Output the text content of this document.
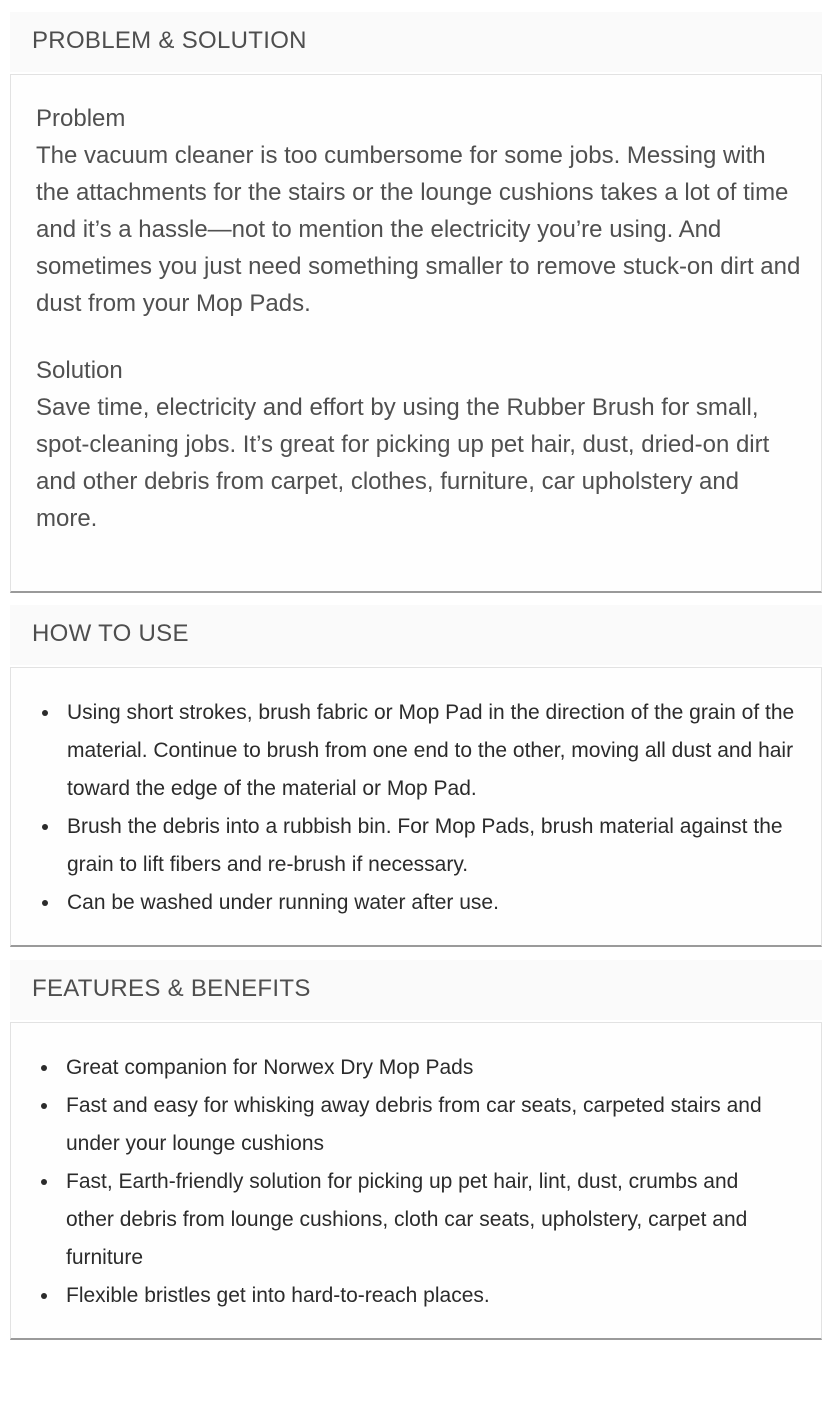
PROBLEM & SOLUTION
Problem
The vacuum cleaner is too cumbersome for some jobs. Messing with the attachments for the stairs or the lounge cushions takes a lot of time and it’s a hassle—not to mention the electricity you’re using. And sometimes you just need something smaller to remove stuck-on dirt and dust from your Mop Pads.
Solution
Save time, electricity and effort by using the Rubber Brush for small, spot-cleaning jobs. It’s great for picking up pet hair, dust, dried-on dirt and other debris from carpet, clothes, furniture, car upholstery and more.
HOW TO USE
Using short strokes, brush fabric or Mop Pad in the direction of the grain of the material. Continue to brush from one end to the other, moving all dust and hair toward the edge of the material or Mop Pad.
Brush the debris into a rubbish bin. For Mop Pads, brush material against the grain to lift fibers and re-brush if necessary.
Can be washed under running water after use.
FEATURES & BENEFITS
Great companion for Norwex Dry Mop Pads
Fast and easy for whisking away debris from car seats, carpeted stairs and under your lounge cushions
Fast, Earth-friendly solution for picking up pet hair, lint, dust, crumbs and other debris from lounge cushions, cloth car seats, upholstery, carpet and furniture
Flexible bristles get into hard-to-reach places.
